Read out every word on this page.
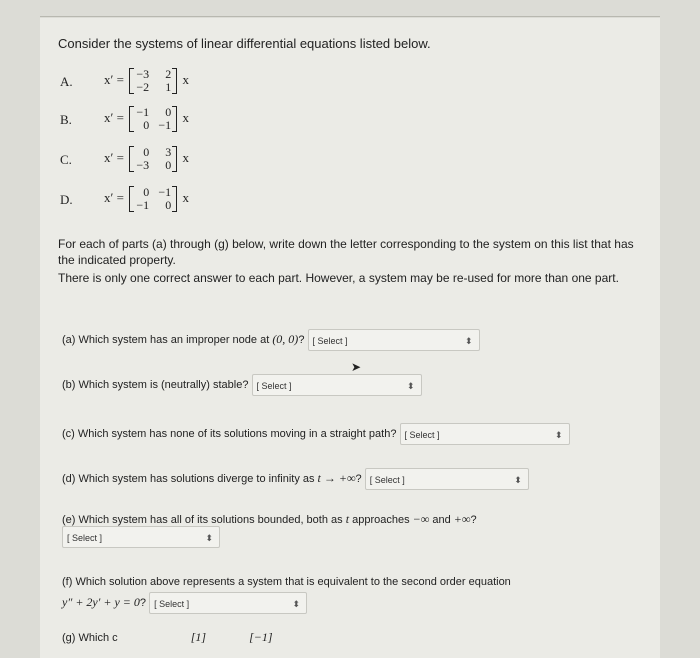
Consider the systems of linear differential equations listed below.
A. x′ = −3	2
−2	1
x
B. x′ = −1	0
0 −1
x
C. x′ =	0	3
−3	0
x
D. x′ =	0 −1
−1	0
x
For each of parts (a) through (g) below, write down the letter corresponding to the system on this list that has the indicated property.
There is only one correct answer to each part. However, a system may be re-used for more than one part.
(a) Which system has an improper node at (0, 0)? [ Select ]	⬍
➤
(b) Which system is (neutrally) stable? [ Select ]	⬍
(c) Which system has none of its solutions moving in a straight path? [ Select ]	⬍
(d) Which system has solutions diverge to infinity as t → +∞? [ Select ]	⬍
(e) Which system has all of its solutions bounded, both as t approaches −∞ and +∞?
[ Select ]	⬍
(f) Which solution above represents a system that is equivalent to the second order equation
y″ + 2y′ + y = 0? [ Select ]	⬍
(g) Which c	[1]	[−1]
